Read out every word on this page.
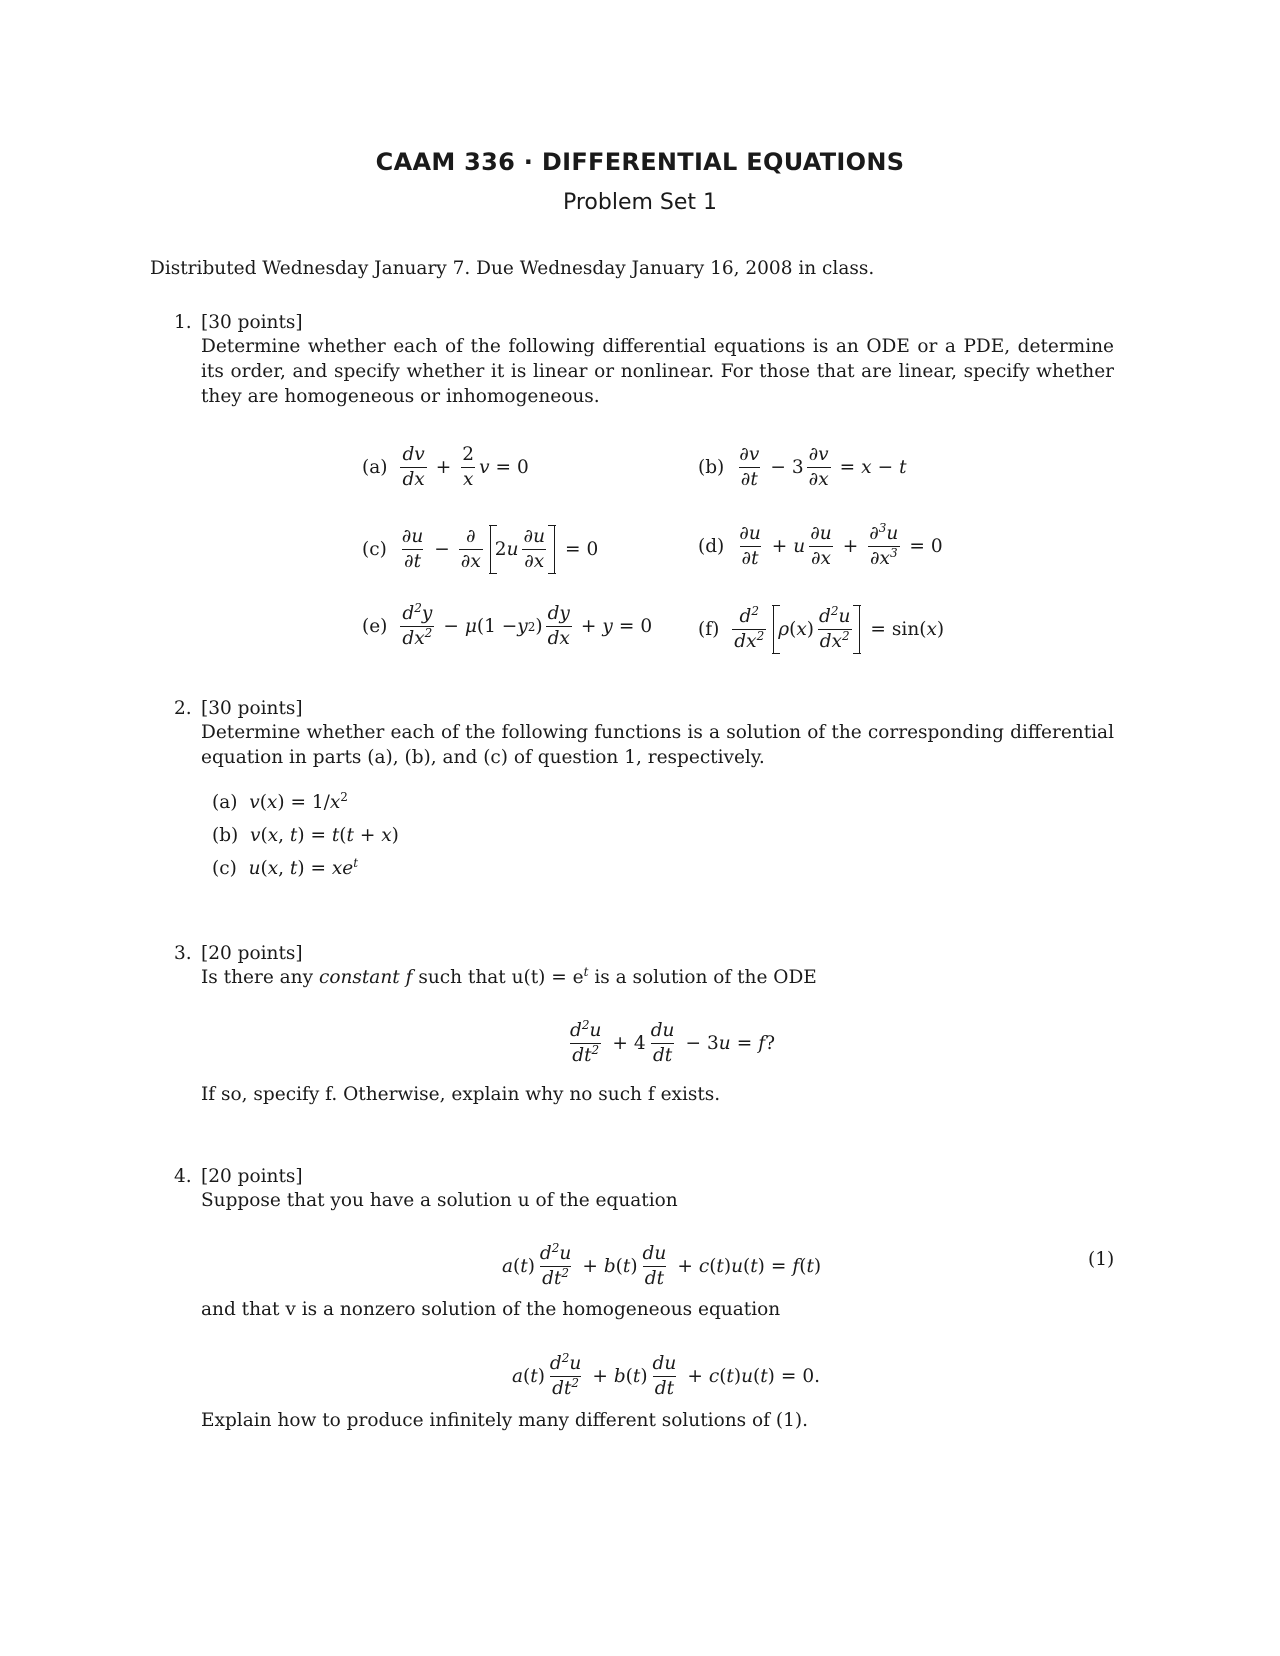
CAAM 336 · DIFFERENTIAL EQUATIONS
Problem Set 1
Distributed Wednesday January 7. Due Wednesday January 16, 2008 in class.
1. [30 points]
Determine whether each of the following differential equations is an ODE or a PDE, determine its order, and specify whether it is linear or nonlinear. For those that are linear, specify whether they are homogeneous or inhomogeneous.
$(a) \frac{dv}{dx} + \frac{2}{x}$ v = 0	$(b) \frac{\partial v}{\partial t} - 3 \frac{\partial v}{\partial x} = x - t$
$(c) \frac{\partial u}{\partial t} - \frac{\partial}{\partial x} 2u \frac{\partial u}{\partial x} = 0$	$(d) \frac{\partial u}{\partial t} + u \frac{\partial u}{\partial x} + \frac{\partial^3u}{\partial x^3} = 0$
$(e) \frac{d^2y}{dx^2} - \mu$ (1 − y 2 ) $\frac{dy}{dx} + y = 0$ $(f) \frac{d^2}{dx^2}$ ρ ( x ) $\frac{d^2u}{dx^2} = \sin$( x )
2. [30 points]
Determine whether each of the following functions is a solution of the corresponding differential equation in parts (a), (b), and (c) of question 1, respectively.
(a) $v(x) = 1/x^2$
(b) v(x, t) = t(t + x)
(c) u(x, $t) = xe^t$
3. [20 points]
Is there any constant f such that $u(t) = e^t$ is a solution of the ODE
$\frac{d^2u}{dt^2} + 4 \frac{du}{dt} - 3$ u = f ?
If so, specify f. Otherwise, explain why no such f exists.
4. [20 points]
Suppose that you have a solution u of the equation
a ( t ) $\frac{d^2u}{dt^2} + b$ ( t ) $\frac{du}{dt} + c$ ( t ) u ( t ) = f ( t )	(1)
and that v is a nonzero solution of the homogeneous equation
a ( t ) $\frac{d^2u}{dt^2} + b$ ( t ) $\frac{du}{dt} + c$ ( t ) u ( t ) = 0.
Explain how to produce infinitely many different solutions of (1).
